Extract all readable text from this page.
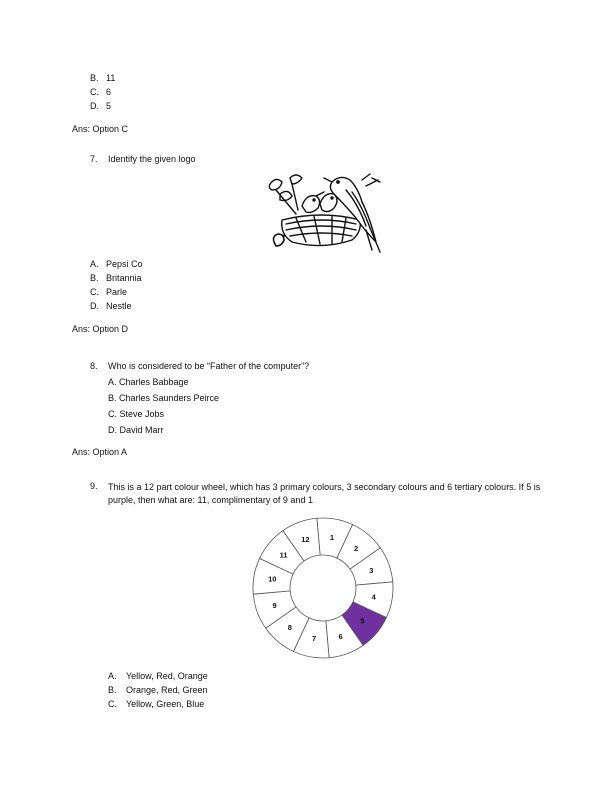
B. 11
C. 6
D. 5
Ans: Option C
7. Identify the given logo
A. Pepsi Co
B. Britannia
C. Parle
D. Nestle
Ans: Option D
8. Who is considered to be “Father of the computer”?
A. Charles Babbage
B. Charles Saunders Peirce
C. Steve Jobs
D. David Marr
Ans: Option A
9. This is a 12 part colour wheel, which has 3 primary colours, 3 secondary colours and 6 tertiary colours. If 5 is purple, then what are: 11, complimentary of 9 and 1
1
2
3
4
5
6
7
8
9
10
11
12
A. Yellow, Red, Orange
B. Orange, Red, Green
C. Yellow, Green, Blue
